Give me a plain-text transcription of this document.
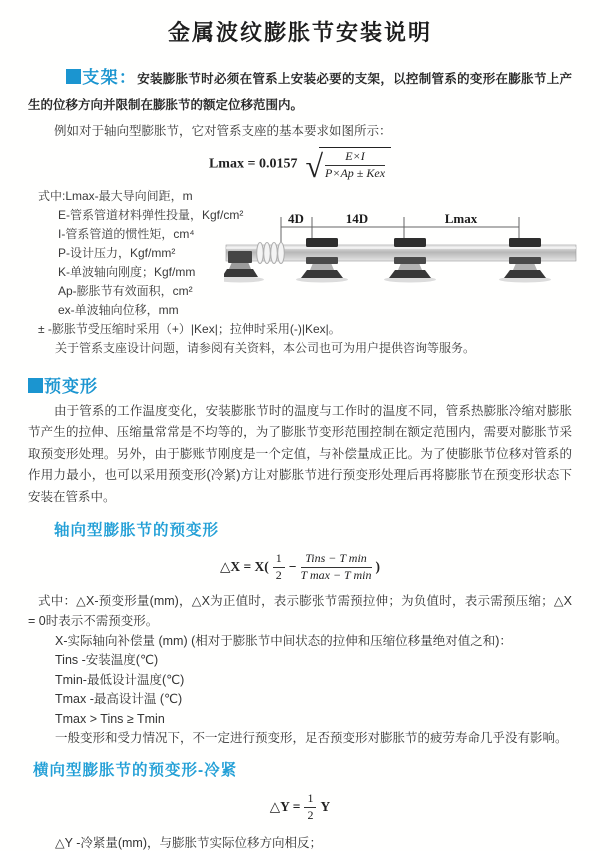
金属波纹膨胀节安装说明

支架：安装膨胀节时必须在管系上安装必要的支架，以控制管系的变形在膨胀节上产生的位移方向并限制在膨胀节的额定位移范围内。

例如对于轴向型膨胀节，它对管系支座的基本要求如图所示：

Lmax = 0.0157 √ $\frac{E\times I}{\text{P×Ap ± Kex}}$
式中:Lmax-最大导向间距，m
E-管系管道材料弹性投量，Kgf/cm²
I-管系管道的惯性矩，cm⁴
P-设计压力，Kgf/mm²
K-单波轴向刚度；Kgf/mm
Ap-膨胀节有效面积，cm²
ex-单波轴向位移，mm
4D	14D	Lmax
± -膨胀节受压缩时采用（+）|Kex|；拉伸时采用(-)|Kex|。
关于管系支座设计问题，请参阅有关资料，本公司也可为用户提供咨询等服务。
预变形

由于管系的工作温度变化，安装膨胀节时的温度与工作时的温度不同，管系热膨胀冷缩对膨胀节产生的拉伸、压缩量常常是不均等的，为了膨胀节变形范围控制在额定范围内，需要对膨胀节采取预变形处理。另外，由于膨账节刚度是一个定值，与补偿量成正比。为了使膨胀节位移对管系的作用力最小，也可以采用预变形(冷紧)方让对膨胀节进行预变形处理后再将膨胀节在预变形状态下安装在管系中。

轴向型膨胀节的预变形
△X = $X( \frac{1}{2} - \frac{\text{Tins − T min}}{\text{T max − T min}}$ )

式中：△X-预变形量(mm)，△X为正值时，表示膨张节需预拉伸；为负值时，表示需预压缩；△X = 0时表示不需预变形。

X-实际轴向补偿量 (mm) (相对于膨胀节中间状态的拉伸和压缩位移量绝对值之和)：
Tins -安装温度(℃)
Tmin-最低设计温度(℃)
Tmax -最高设计温 (℃)
Tmax > Tins ≥ Tmin
一般变形和受力情况下，不一定进行预变形，足否预变形对膨胀节的疲劳寿命几乎没有影响。
横向型膨胀节的预变形-冷紧
△Y = $\frac{1}{2}$ Y

△Y -冷紧量(mm)，与膨胀节实际位移方向相反；
